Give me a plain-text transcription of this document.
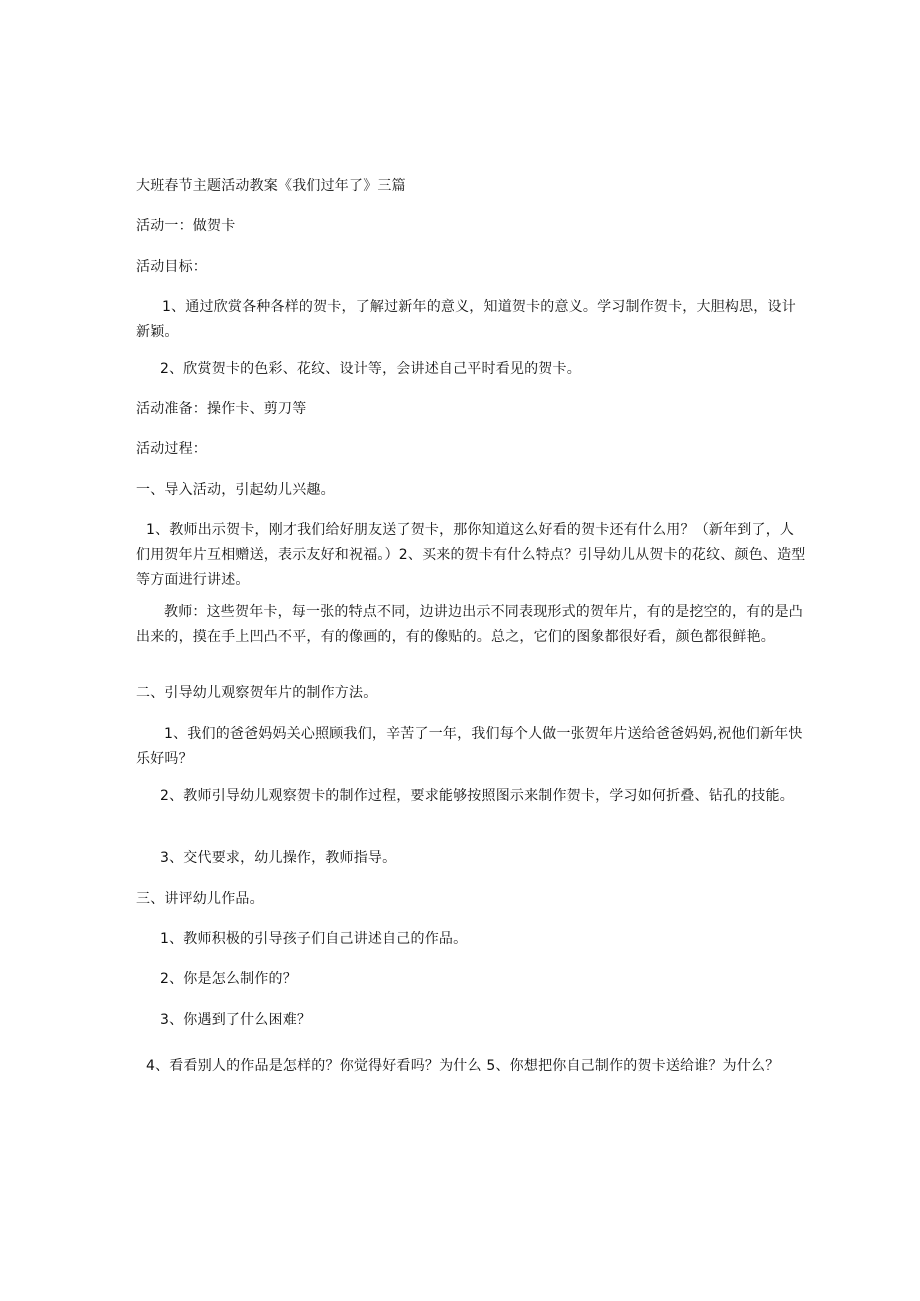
大班春节主题活动教案《我们过年了》三篇
活动一：做贺卡
活动目标：
1、通过欣赏各种各样的贺卡，了解过新年的意义，知道贺卡的意义。学习制作贺卡，大胆构思，设计新颖。
2、欣赏贺卡的色彩、花纹、设计等，会讲述自己平时看见的贺卡。
活动准备：操作卡、剪刀等
活动过程：
一、导入活动，引起幼儿兴趣。
1、教师出示贺卡，刚才我们给好朋友送了贺卡，那你知道这么好看的贺卡还有什么用？（新年到了，人们用贺年片互相赠送，表示友好和祝福。）2、买来的贺卡有什么特点？引导幼儿从贺卡的花纹、颜色、造型等方面进行讲述。
教师：这些贺年卡，每一张的特点不同，边讲边出示不同表现形式的贺年片，有的是挖空的，有的是凸出来的，摸在手上凹凸不平，有的像画的，有的像贴的。总之，它们的图象都很好看，颜色都很鲜艳。
二、引导幼儿观察贺年片的制作方法。
1、我们的爸爸妈妈关心照顾我们，辛苦了一年，我们每个人做一张贺年片送给爸爸妈妈,祝他们新年快乐好吗？
2、教师引导幼儿观察贺卡的制作过程，要求能够按照图示来制作贺卡，学习如何折叠、钻孔的技能。
3、交代要求，幼儿操作，教师指导。
三、讲评幼儿作品。
1、教师积极的引导孩子们自己讲述自己的作品。
2、你是怎么制作的？
3、你遇到了什么困难？
4、看看别人的作品是怎样的？你觉得好看吗？为什么 5、你想把你自己制作的贺卡送给谁？为什么？
